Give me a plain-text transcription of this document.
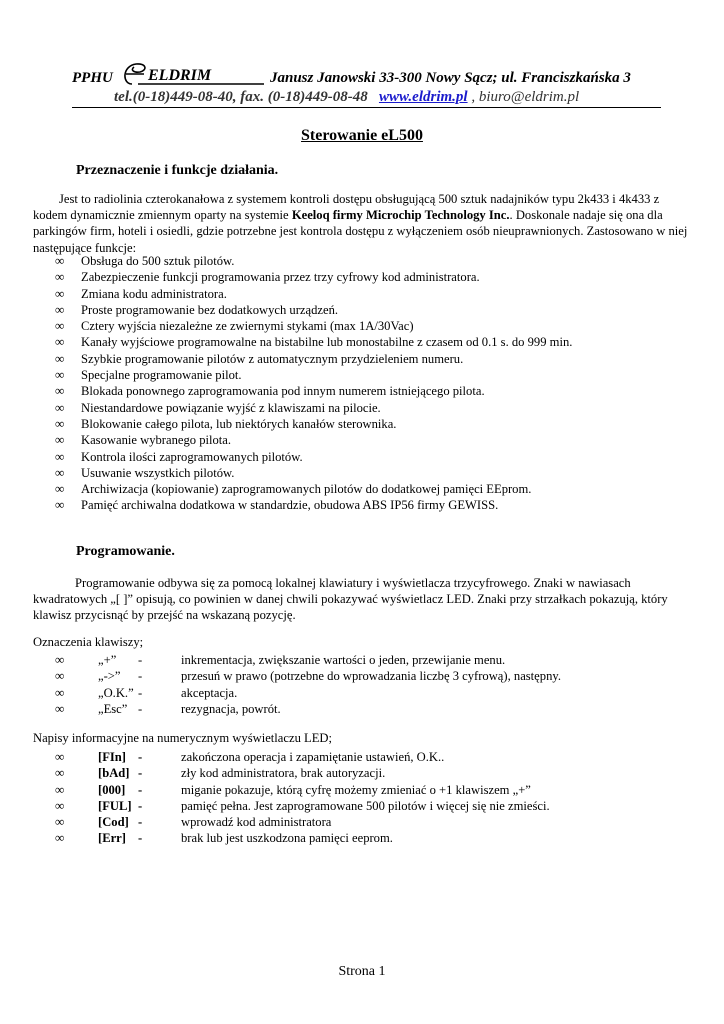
PPHU ELDRIM	Janusz Janowski 33-300 Nowy Sącz; ul. Franciszkańska 3
tel.(0-18)449-08-40, fax. (0-18)449-08-48 www.eldrim.pl , biuro@eldrim.pl
Sterowanie eL500
Przeznaczenie i funkcje działania.
Jest to radiolinia czterokanałowa z systemem kontroli dostępu obsługującą 500 sztuk nadajników typu 2k433 i 4k433 z kodem dynamicznie zmiennym oparty na systemie Keeloq firmy Microchip Technology Inc.. Doskonale nadaje się ona dla parkingów firm, hoteli i osiedli, gdzie potrzebne jest kontrola dostępu z wyłączeniem osób nieuprawnionych. Zastosowano w niej następujące funkcje:
∞ Obsługa do 500 sztuk pilotów.
∞ Zabezpieczenie funkcji programowania przez trzy cyfrowy kod administratora.
∞ Zmiana kodu administratora.
∞ Proste programowanie bez dodatkowych urządzeń.
∞ Cztery wyjścia niezależne ze zwiernymi stykami (max 1A/30Vac)
∞ Kanały wyjściowe programowalne na bistabilne lub monostabilne z czasem od 0.1 s. do 999 min.
∞ Szybkie programowanie pilotów z automatycznym przydzieleniem numeru.
∞ Specjalne programowanie pilot.
∞ Blokada ponownego zaprogramowania pod innym numerem istniejącego pilota.
∞ Niestandardowe powiązanie wyjść z klawiszami na pilocie.
∞ Blokowanie całego pilota, lub niektórych kanałów sterownika.
∞ Kasowanie wybranego pilota.
∞ Kontrola ilości zaprogramowanych pilotów.
∞ Usuwanie wszystkich pilotów.
∞ Archiwizacja (kopiowanie) zaprogramowanych pilotów do dodatkowej pamięci EEprom.
∞ Pamięć archiwalna dodatkowa w standardzie, obudowa ABS IP56 firmy GEWISS.
Programowanie.
Programowanie odbywa się za pomocą lokalnej klawiatury i wyświetlacza trzycyfrowego. Znaki w nawiasach kwadratowych „[ ]” opisują, co powinien w danej chwili pokazywać wyświetlacz LED. Znaki przy strzałkach pokazują, który klawisz przycisnąć by przejść na wskazaną pozycję.
Oznaczenia klawiszy;
∞	„+”	-	inkrementacja, zwiększanie wartości o jeden, przewijanie menu.
∞	„->”	-	przesuń w prawo (potrzebne do wprowadzania liczbę 3 cyfrową), następny.
∞	„O.K.”	-	akceptacja.
∞	„Esc”	-	rezygnacja, powrót.
Napisy informacyjne na numerycznym wyświetlaczu LED;
∞	[FIn]	-	zakończona operacja i zapamiętanie ustawień, O.K..
∞	[bAd]	-	zły kod administratora, brak autoryzacji.
∞	[000]	-	miganie pokazuje, którą cyfrę możemy zmieniać o +1 klawiszem „+”
∞	[FUL]	-	pamięć pełna. Jest zaprogramowane 500 pilotów i więcej się nie zmieści.
∞	[Cod]	-	wprowadź kod administratora
∞	[Err]	-	brak lub jest uszkodzona pamięci eeprom.
Strona 1
